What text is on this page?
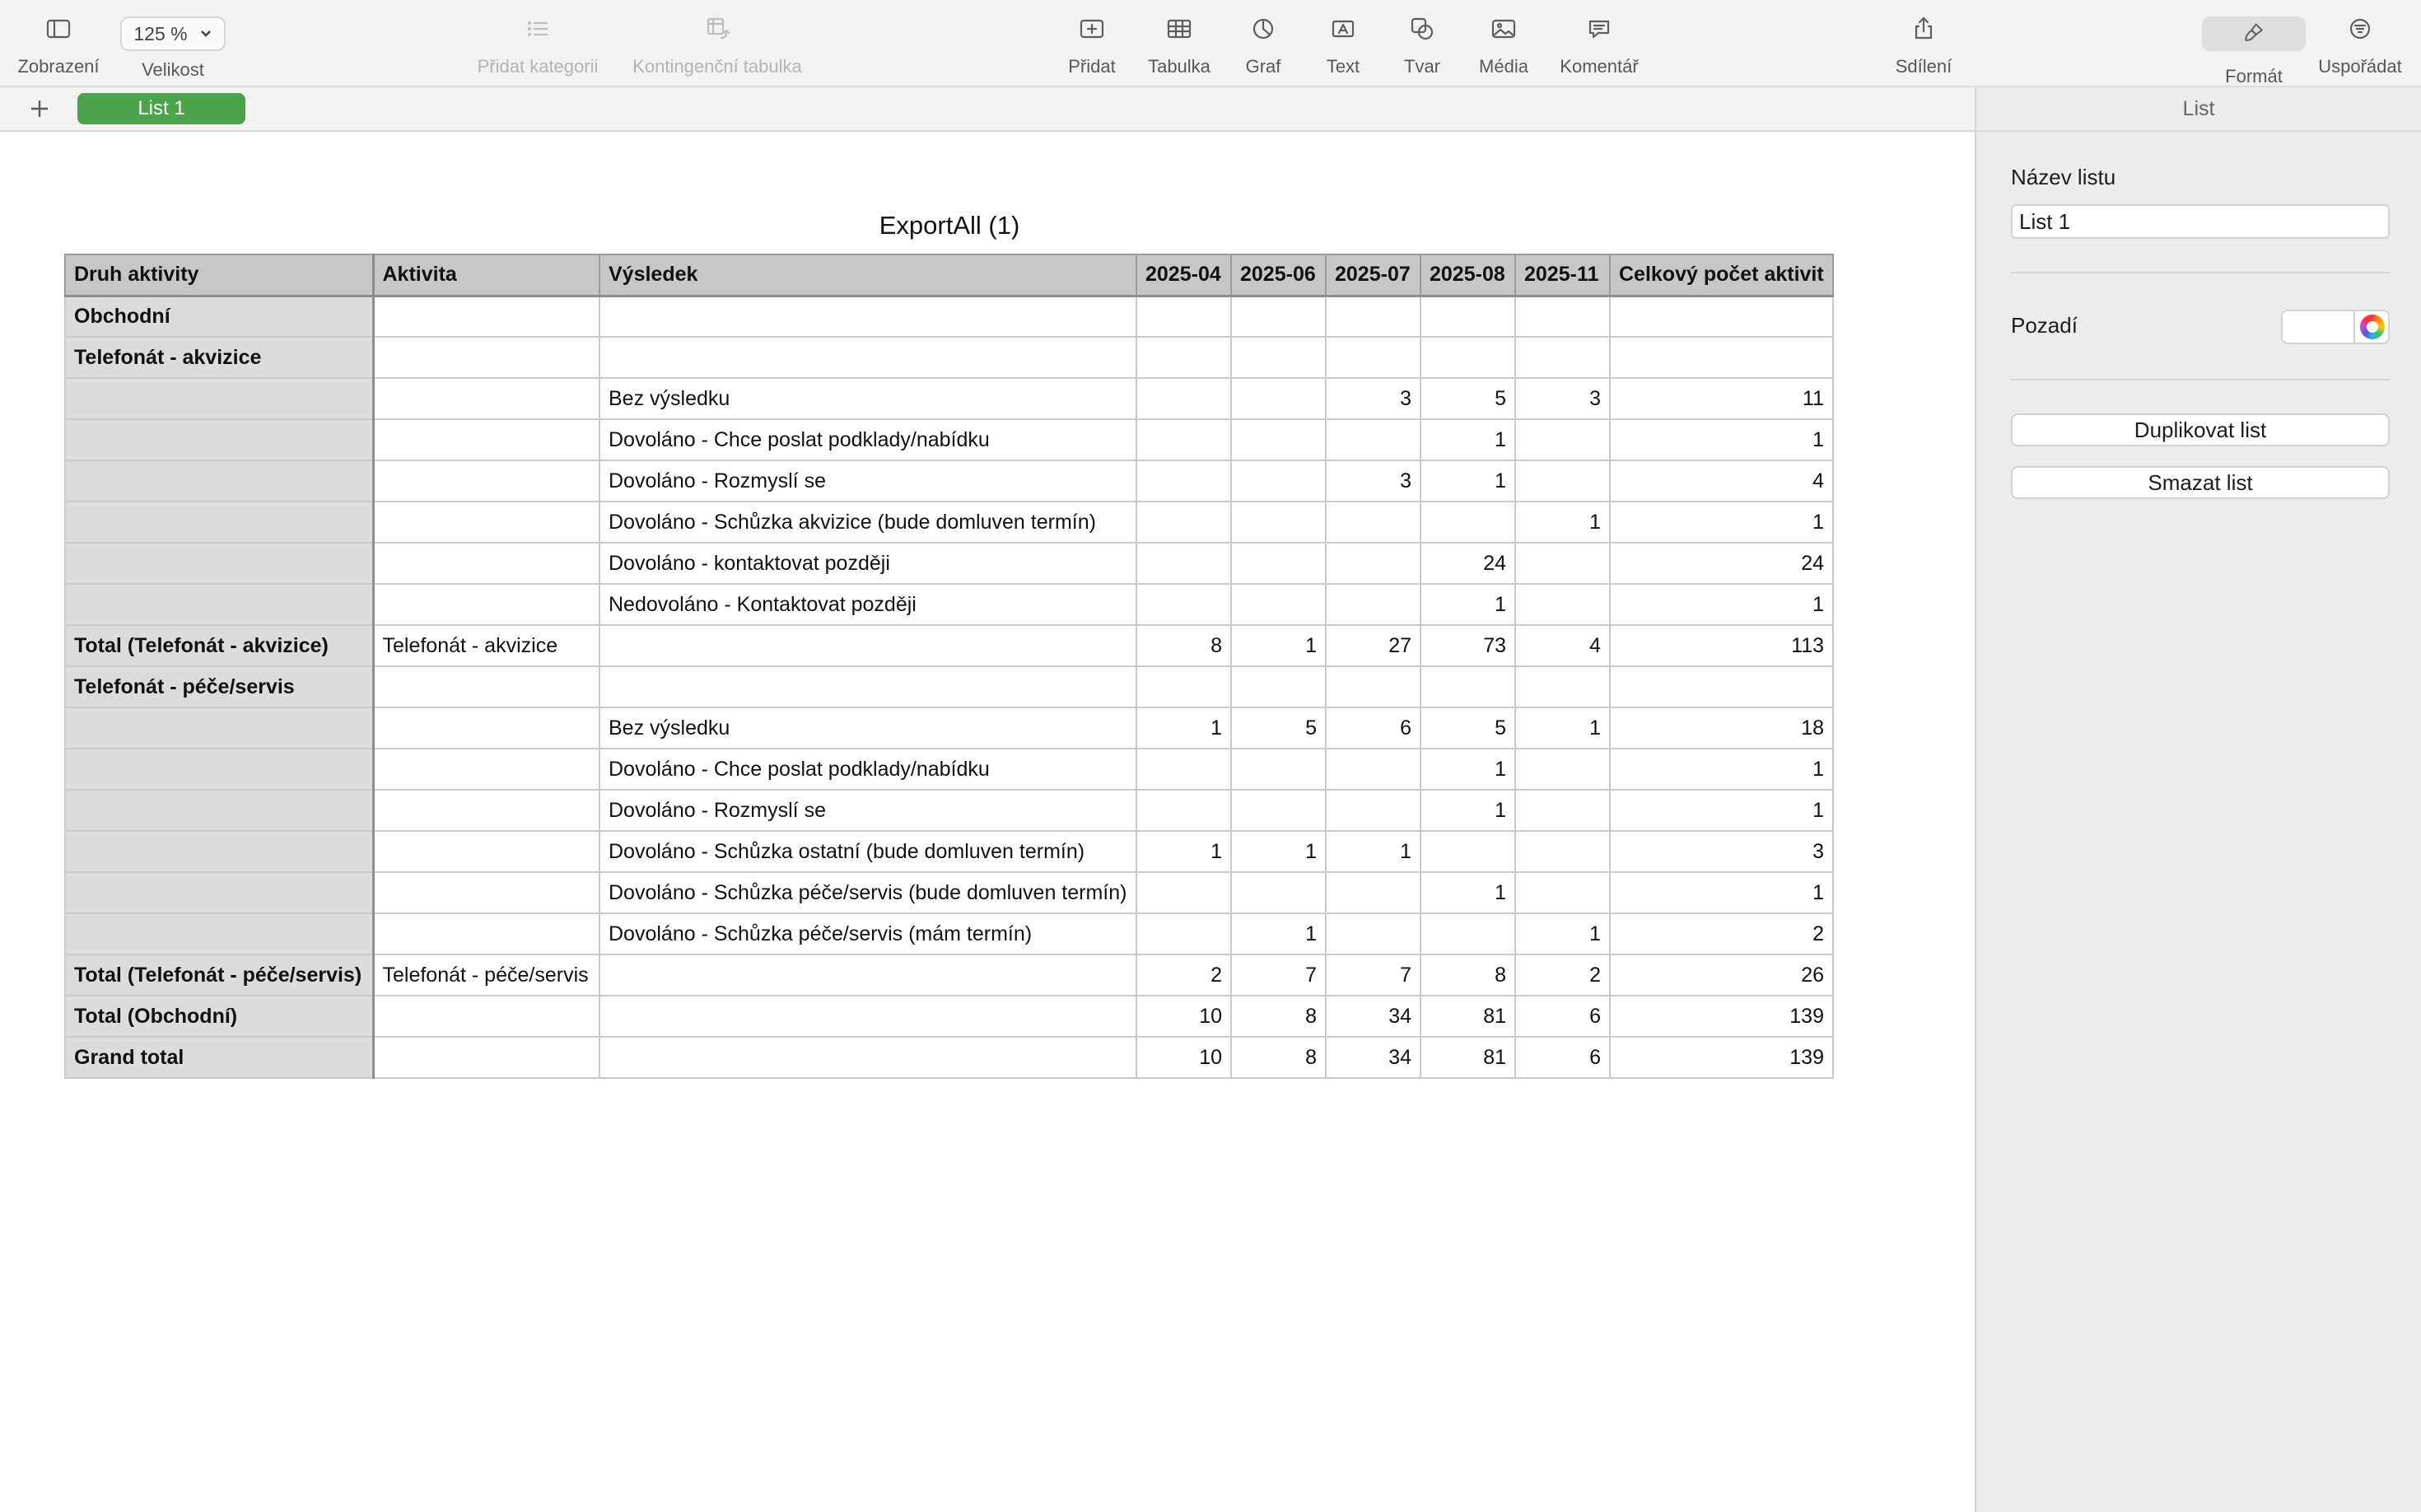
Zobrazení
125 %
Velikost	Přidat kategorii Kontingenční tabulka	Přidat Tabulka Graf	Text Tvar Média Komentář	Sdílení	Formát Uspořádat
List 1
ExportAll (1)
Druh aktivity	Aktivita	Výsledek	2025-04	2025-06	2025-07	2025-08	2025-11	Celkový počet aktivit
Obchodní								
Telefonát - akvizice								
		Bez výsledku			3	5	3	11
		Dovoláno - Chce poslat podklady/nabídku				1		1
		Dovoláno - Rozmyslí se			3	1		4
		Dovoláno - Schůzka akvizice (bude domluven termín)					1	1
		Dovoláno - kontaktovat později				24		24
		Nedovoláno - Kontaktovat později				1		1
Total (Telefonát - akvizice)	Telefonát - akvizice		8	1	27	73	4	113
Telefonát - péče/servis								
		Bez výsledku	1	5	6	5	1	18
		Dovoláno - Chce poslat podklady/nabídku				1		1
		Dovoláno - Rozmyslí se				1		1
		Dovoláno - Schůzka ostatní (bude domluven termín)	1	1	1			3
		Dovoláno - Schůzka péče/servis (bude domluven termín)				1		1
		Dovoláno - Schůzka péče/servis (mám termín)		1			1	2
Total (Telefonát - péče/servis)	Telefonát - péče/servis		2	7	7	8	2	26
Total (Obchodní)			10	8	34	81	6	139
Grand total			10	8	34	81	6	139
List
Název listu
List 1
Pozadí
Duplikovat list
Smazat list
